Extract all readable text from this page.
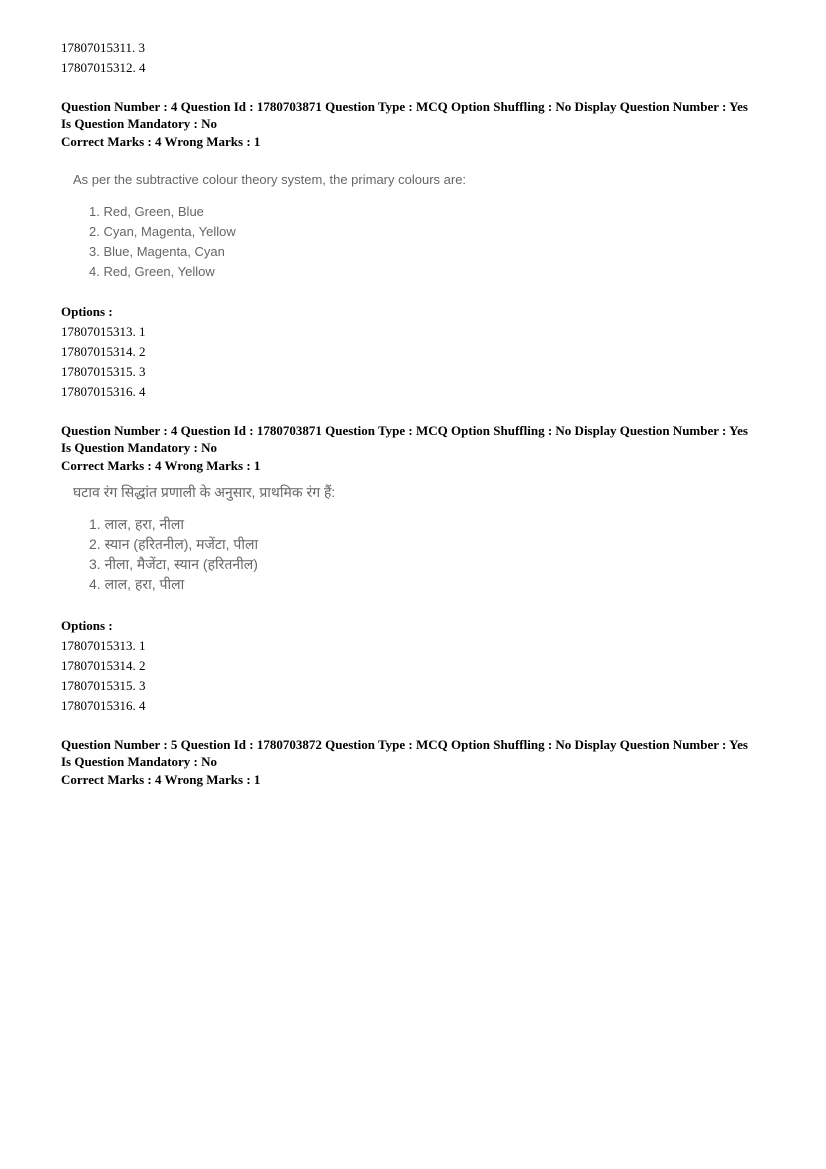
17807015311. 3
17807015312. 4
Question Number : 4 Question Id : 1780703871 Question Type : MCQ Option Shuffling : No Display Question Number : Yes
Is Question Mandatory : No
Correct Marks : 4 Wrong Marks : 1
As per the subtractive colour theory system, the primary colours are:
1. Red, Green, Blue
2. Cyan, Magenta, Yellow
3. Blue, Magenta, Cyan
4. Red, Green, Yellow
Options :
17807015313. 1
17807015314. 2
17807015315. 3
17807015316. 4
Question Number : 4 Question Id : 1780703871 Question Type : MCQ Option Shuffling : No Display Question Number : Yes
Is Question Mandatory : No
Correct Marks : 4 Wrong Marks : 1
घटाव रंग सिद्धांत प्रणाली के अनुसार, प्राथमिक रंग हैं:
1. लाल, हरा, नीला
2. स्यान (हरितनील), मजेंटा, पीला
3. नीला, मैजेंटा, स्यान (हरितनील)
4. लाल, हरा, पीला
Options :
17807015313. 1
17807015314. 2
17807015315. 3
17807015316. 4
Question Number : 5 Question Id : 1780703872 Question Type : MCQ Option Shuffling : No Display Question Number : Yes
Is Question Mandatory : No
Correct Marks : 4 Wrong Marks : 1
